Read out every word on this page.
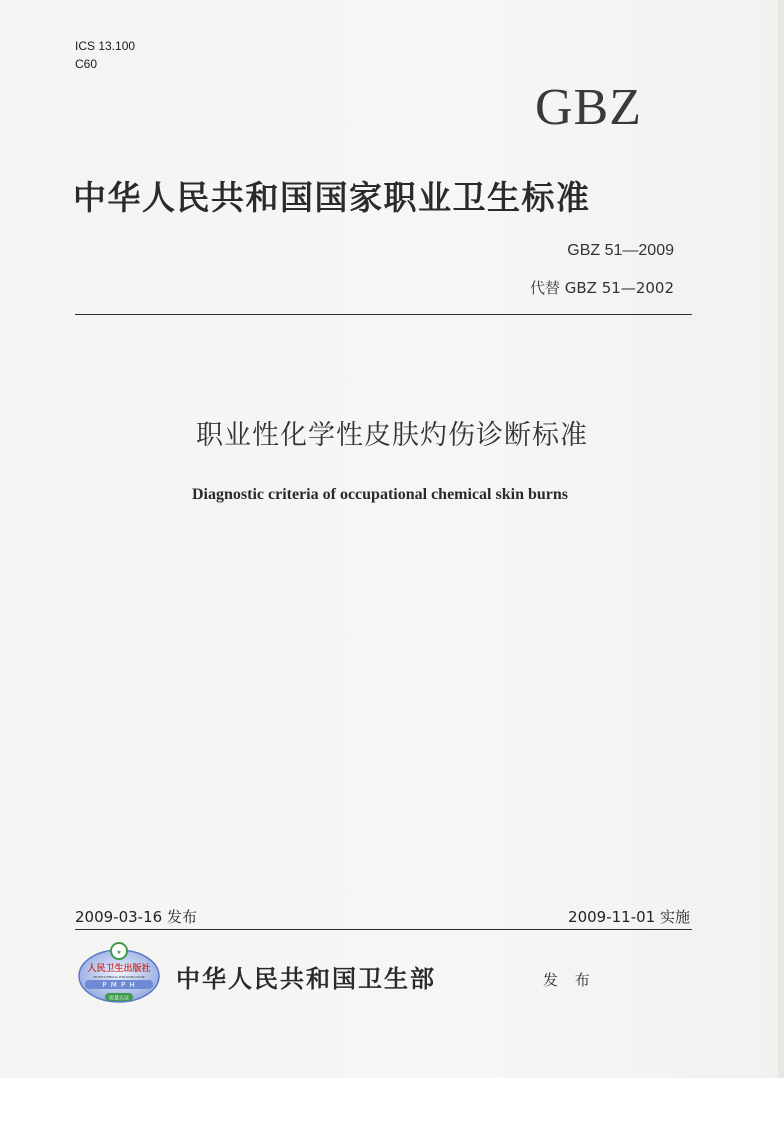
ICS 13.100
C60
GBZ
中华人民共和国国家职业卫生标准
GBZ 51—2009
代替 GBZ 51—2002
职业性化学性皮肤灼伤诊断标准
Diagnostic criteria of occupational chemical skin burns
2009-03-16 发布	2009-11-01 实施
★
人民卫生出版社
PEOPLE'S MEDICAL PUBLISHING HOUSE
P M P H
质量认证
中华人民共和国卫生部	发 布
